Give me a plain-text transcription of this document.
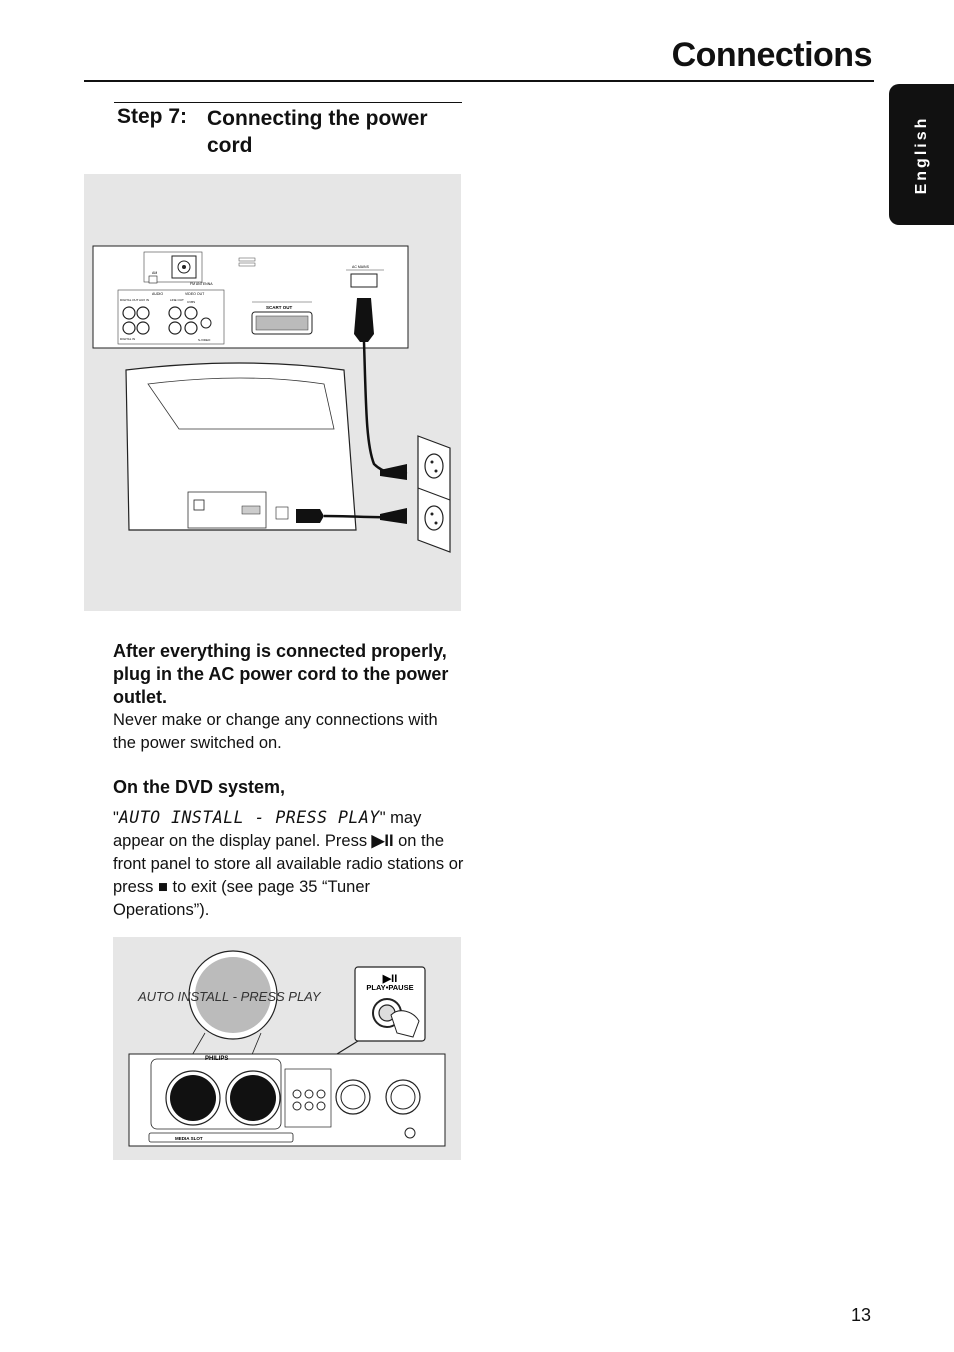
Connections
English
Step 7: Connecting the power cord
FM ANTENNA
AM
AUDIO	VIDEO OUT
DIGITAL OUT AUX IN	LINE OUT CVBS
S-VIDEO
DIGITAL IN
SCART OUT
AC MAINS
After everything is connected properly, plug in the AC power cord to the power outlet.
Never make or change any connections with the power switched on.
On the DVD system,
"AUTO INSTALL - PRESS PLAY" may appear on the display panel. Press ▶II on the front panel to store all available radio stations or press ■ to exit (see page 35 “Tuner Operations”).
AUTO INSTALL - PRESS PLAY
▶II
PLAY•PAUSE
PHILIPS
MEDIA SLOT
13
